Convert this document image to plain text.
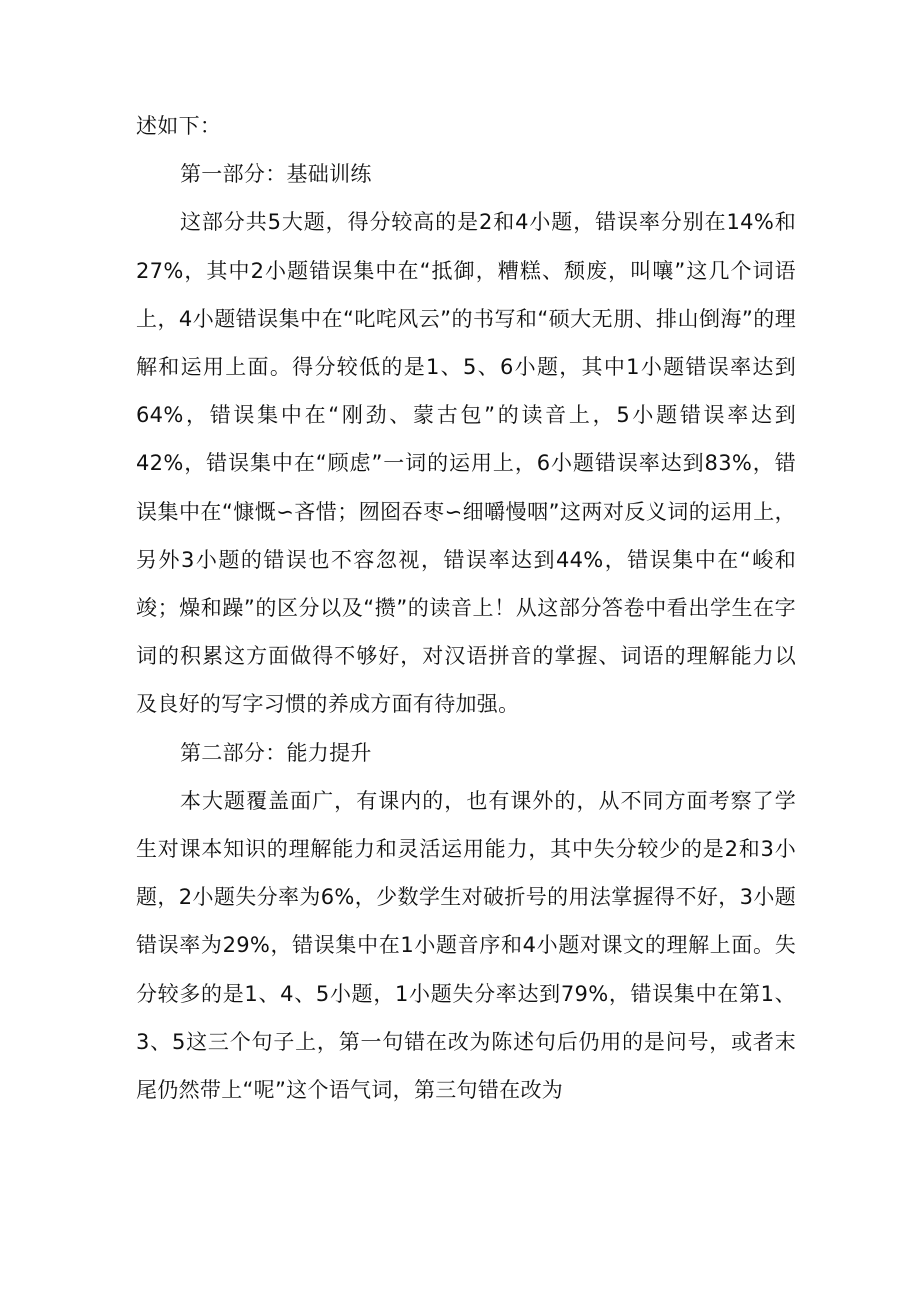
述如下：

第一部分：基础训练

这部分共5大题，得分较高的是2和4小题，错误率分别在14%和27%，其中2小题错误集中在“抵御，糟糕、颓废，叫嚷”这几个词语上，4小题错误集中在“叱咤风云”的书写和“硕大无朋、排山倒海”的理解和运用上面。得分较低的是1、5、6小题，其中1小题错误率达到64%，错误集中在“刚劲、蒙古包”的读音上，5小题错误率达到42%，错误集中在“顾虑”一词的运用上，6小题错误率达到83%，错误集中在“慷慨∽吝惜；囫囵吞枣∽细嚼慢咽”这两对反义词的运用上，另外3小题的错误也不容忽视，错误率达到44%，错误集中在“峻和竣；燥和躁”的区分以及“攒”的读音上！从这部分答卷中看出学生在字词的积累这方面做得不够好，对汉语拼音的掌握、词语的理解能力以及良好的写字习惯的养成方面有待加强。

第二部分：能力提升

本大题覆盖面广，有课内的，也有课外的，从不同方面考察了学生对课本知识的理解能力和灵活运用能力，其中失分较少的是2和3小题，2小题失分率为6%，少数学生对破折号的用法掌握得不好，3小题错误率为29%，错误集中在1小题音序和4小题对课文的理解上面。失分较多的是1、4、5小题，1小题失分率达到79%，错误集中在第1、3、5这三个句子上，第一句错在改为陈述句后仍用的是问号，或者末尾仍然带上“呢”这个语气词，第三句错在改为
